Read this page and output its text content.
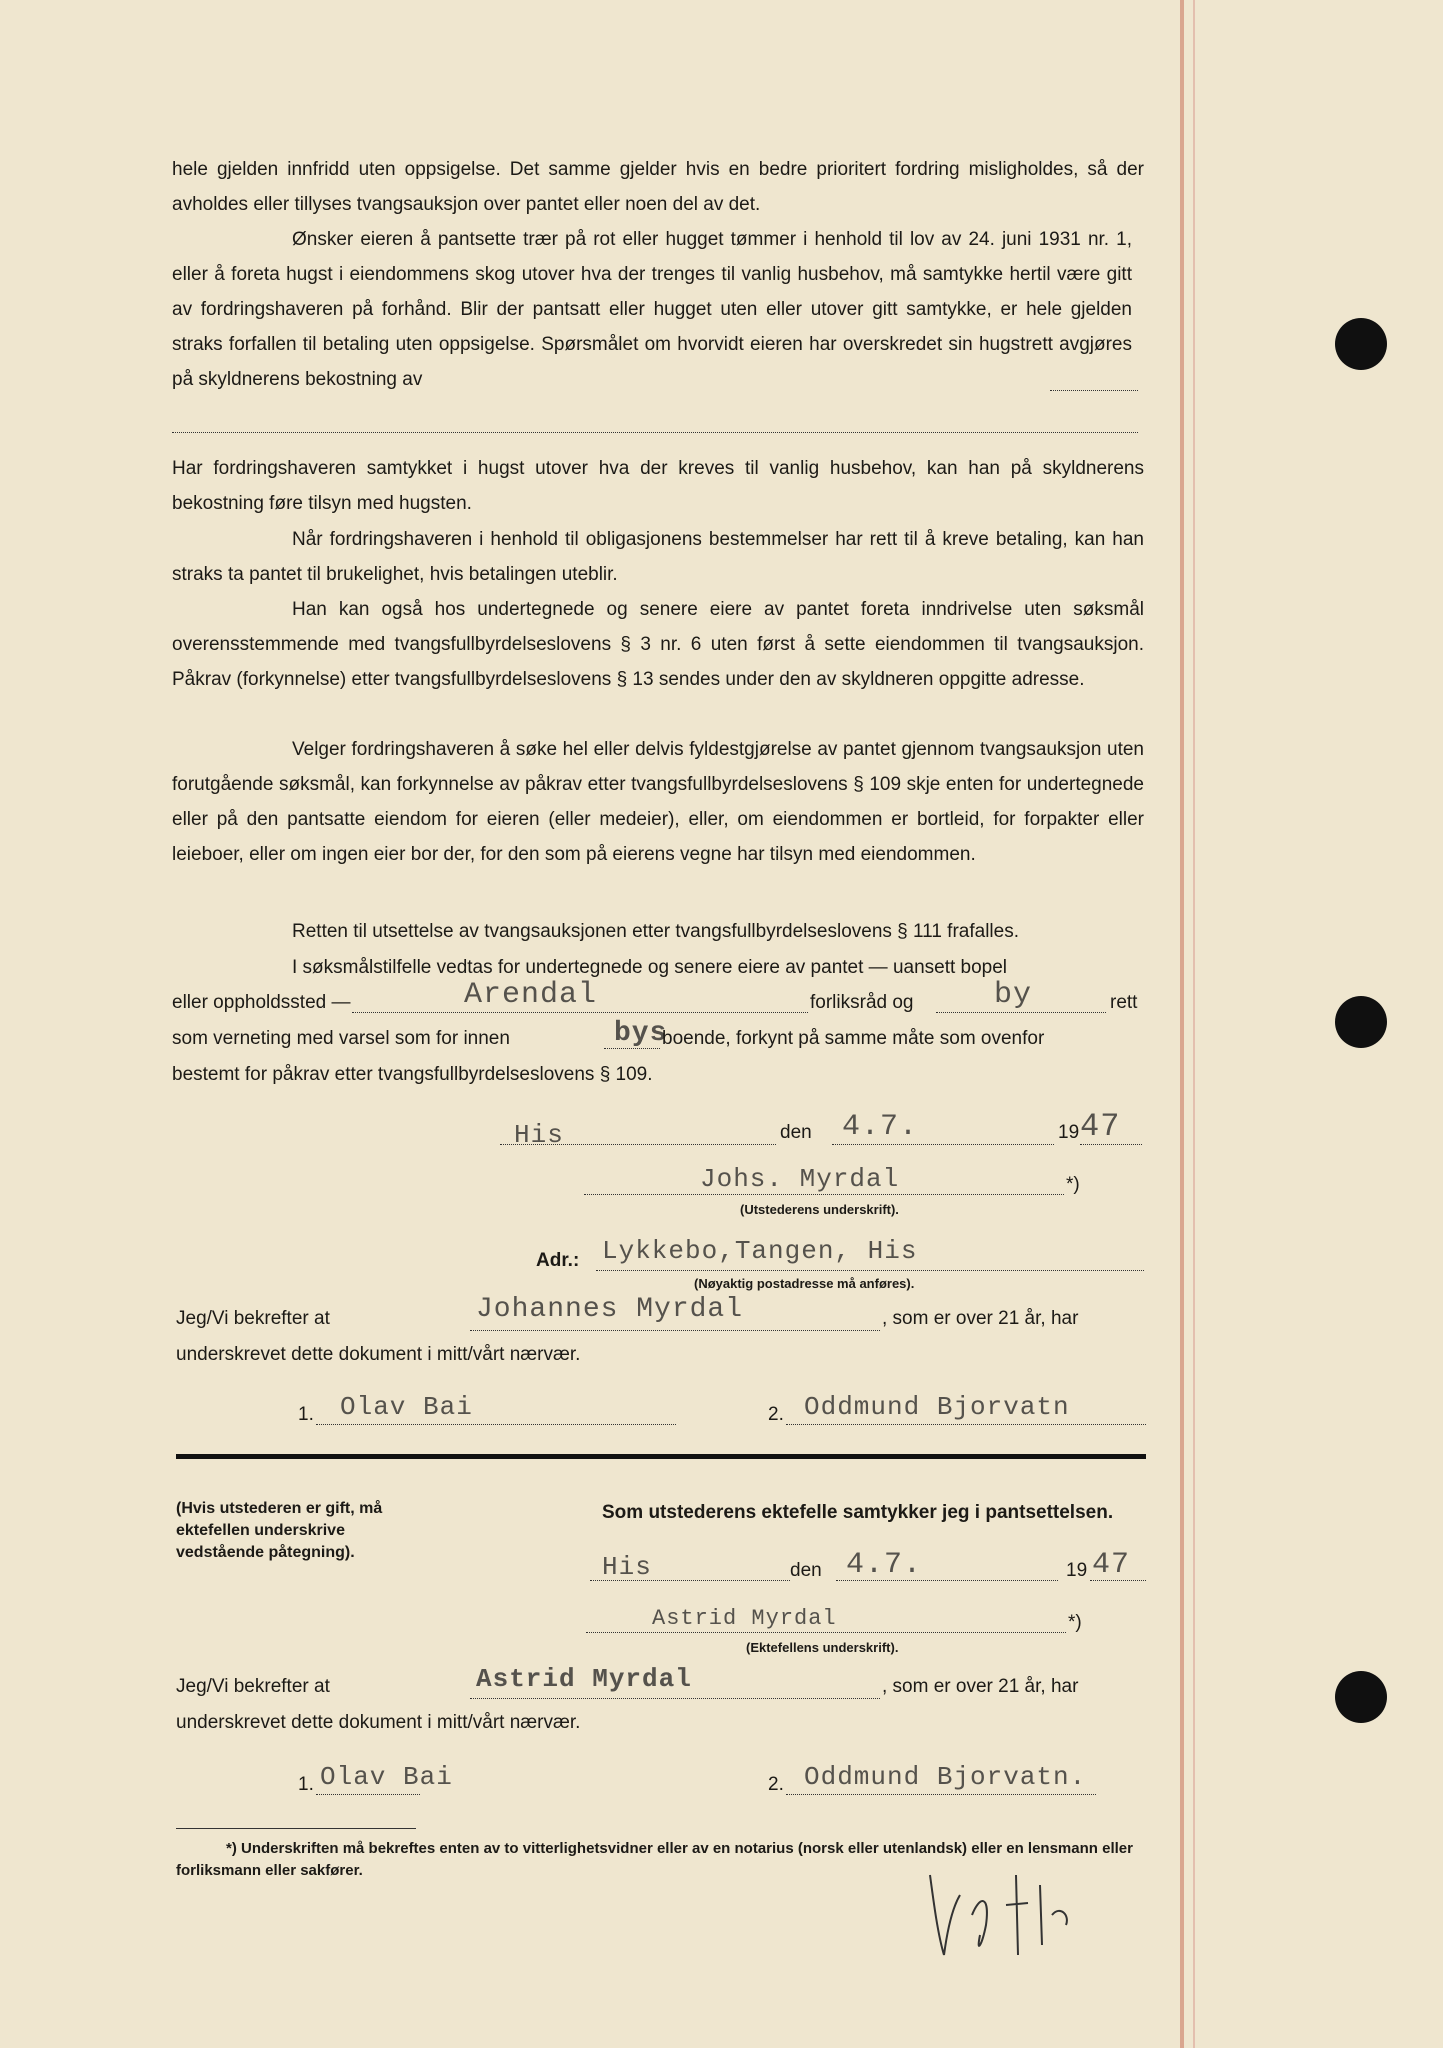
hele gjelden innfridd uten oppsigelse. Det samme gjelder hvis en bedre prioritert fordring misligholdes, så der avholdes eller tillyses tvangsauksjon over pantet eller noen del av det.

Ønsker eieren å pantsette trær på rot eller hugget tømmer i henhold til lov av 24. juni 1931 nr. 1, eller å foreta hugst i eiendommens skog utover hva der trenges til vanlig husbehov, må samtykke hertil være gitt av fordringshaveren på forhånd. Blir der pantsatt eller hugget uten eller utover gitt samtykke, er hele gjelden straks forfallen til betaling uten oppsigelse. Spørsmålet om hvorvidt eieren har overskredet sin hugstrett avgjøres på skyldnerens bekostning av

Har fordringshaveren samtykket i hugst utover hva der kreves til vanlig husbehov, kan han på skyldnerens bekostning føre tilsyn med hugsten.

Når fordringshaveren i henhold til obligasjonens bestemmelser har rett til å kreve betaling, kan han straks ta pantet til brukelighet, hvis betalingen uteblir.

Han kan også hos undertegnede og senere eiere av pantet foreta inndrivelse uten søksmål overensstemmende med tvangsfullbyrdelseslovens § 3 nr. 6 uten først å sette eiendommen til tvangsauksjon. Påkrav (forkynnelse) etter tvangsfullbyrdelseslovens § 13 sendes under den av skyldneren oppgitte adresse.

Velger fordringshaveren å søke hel eller delvis fyldestgjørelse av pantet gjennom tvangsauksjon uten forutgående søksmål, kan forkynnelse av påkrav etter tvangsfullbyrdelseslovens § 109 skje enten for undertegnede eller på den pantsatte eiendom for eieren (eller medeier), eller, om eiendommen er bortleid, for forpakter eller leieboer, eller om ingen eier bor der, for den som på eierens vegne har tilsyn med eiendommen.

Retten til utsettelse av tvangsauksjonen etter tvangsfullbyrdelseslovens § 111 frafalles.

I søksmålstilfelle vedtas for undertegnede og senere eiere av pantet — uansett bopel

eller oppholdssted —	Arendal	forliksråd og	by	rett
som verneting med varsel som for innen	bys
boende, forkynt på samme måte som ovenfor
bestemt for påkrav etter tvangsfullbyrdelseslovens § 109.
His	den 4.7.	19 47
Johs. Myrdal	*)
(Utstederens underskrift).
Adr.: Lykkebo,Tangen, His
(Nøyaktig postadresse må anføres).
Jeg/Vi bekrefter at	Johannes Myrdal	, som er over 21 år, har
underskrevet dette dokument i mitt/vårt nærvær.
1. Olav Bai	2. Oddmund Bjorvatn
(Hvis utstederen er gift, må ektefellen underskrive vedstående påtegning).
Som utstederens ektefelle samtykker jeg i pantsettelsen.
His	den 4.7.	19 47
Astrid Myrdal	*)
(Ektefellens underskrift).
Jeg/Vi bekrefter at	Astrid Myrdal	, som er over 21 år, har
underskrevet dette dokument i mitt/vårt nærvær.
1. Olav Bai	2. Oddmund Bjorvatn.
*) Underskriften må bekreftes enten av to vitterlighetsvidner eller av en notarius (norsk eller utenlandsk) eller en lensmann eller forliksmann eller sakfører.
